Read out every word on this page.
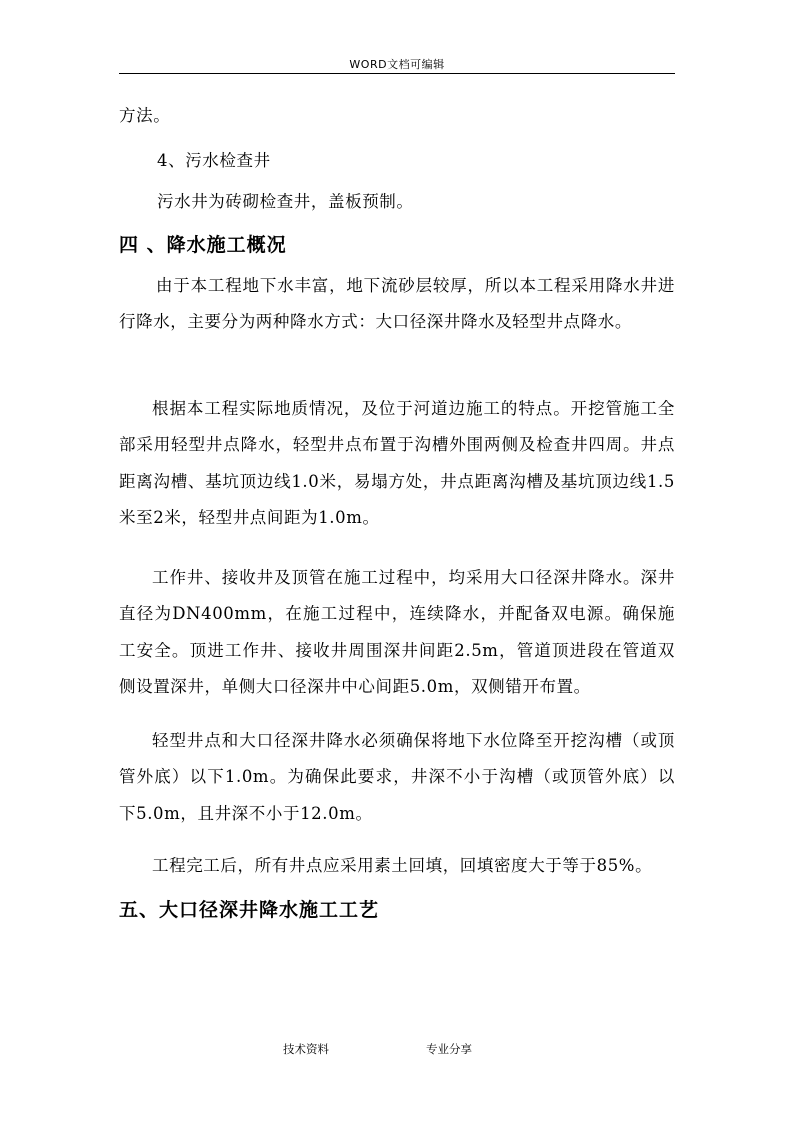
WORD文档可编辑
方法。
4、污水检查井
污水井为砖砌检查井，盖板预制。
四 、降水施工概况
由于本工程地下水丰富，地下流砂层较厚，所以本工程采用降水井进行降水，主要分为两种降水方式：大口径深井降水及轻型井点降水。
根据本工程实际地质情况，及位于河道边施工的特点。开挖管施工全部采用轻型井点降水，轻型井点布置于沟槽外围两侧及检查井四周。井点距离沟槽、基坑顶边线1.0米，易塌方处，井点距离沟槽及基坑顶边线1.5米至2米，轻型井点间距为1.0m。
工作井、接收井及顶管在施工过程中，均采用大口径深井降水。深井直径为DN400mm，在施工过程中，连续降水，并配备双电源。确保施工安全。顶进工作井、接收井周围深井间距2.5m，管道顶进段在管道双侧设置深井，单侧大口径深井中心间距5.0m，双侧错开布置。
轻型井点和大口径深井降水必须确保将地下水位降至开挖沟槽（或顶管外底）以下1.0m。为确保此要求，井深不小于沟槽（或顶管外底）以下5.0m，且井深不小于12.0m。
工程完工后，所有井点应采用素土回填，回填密度大于等于85%。
五、大口径深井降水施工工艺
技术资料	专业分享
